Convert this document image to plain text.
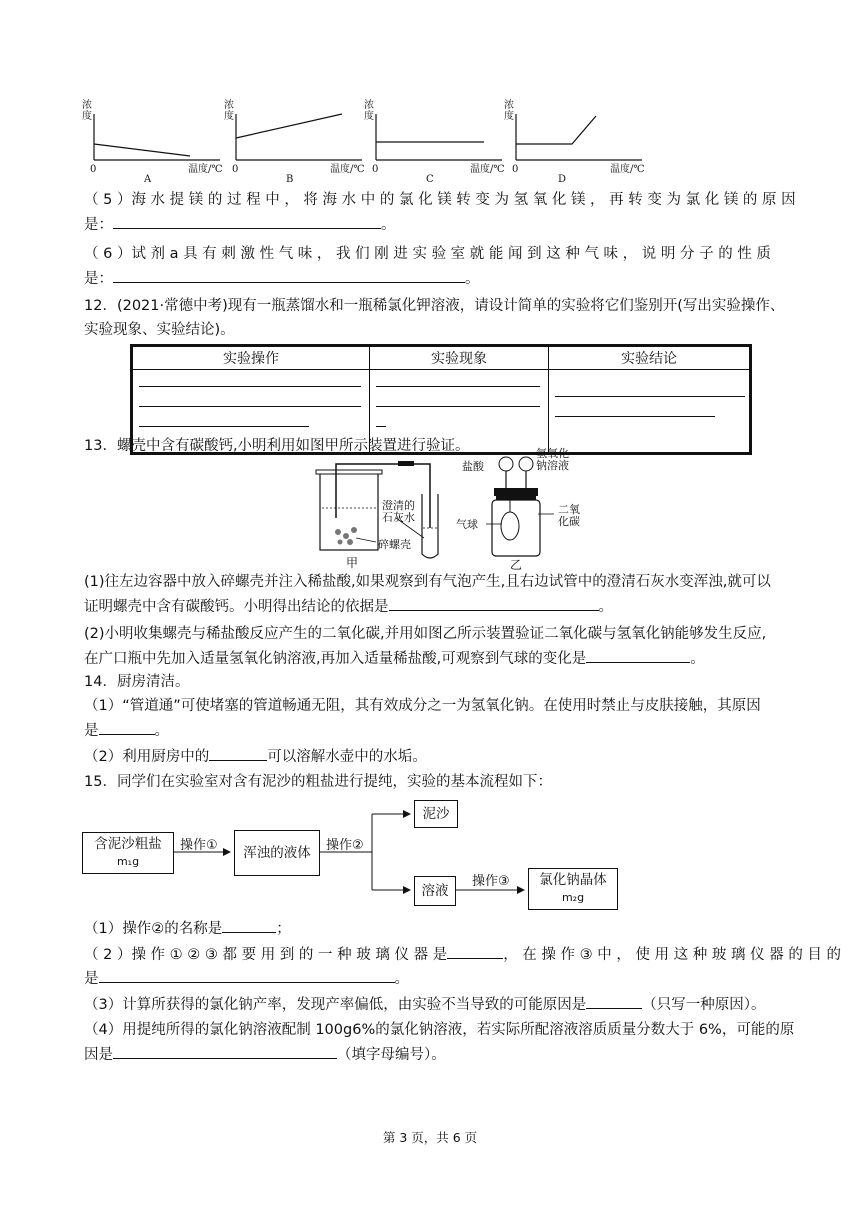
浓度
0	温度/℃
A
浓度
0	温度/℃
B
浓度
0	温度/℃
C
浓度
0	温度/℃
D
（ 5 ）海 水 提 镁 的 过 程 中 ， 将 海 水 中 的 氯 化 镁 转 变 为 氢 氧 化 镁 ， 再 转 变 为 氯 化 镁 的 原 因
是：	。
（ 6 ）试 剂 a 具 有 刺 激 性 气 味 ， 我 们 刚 进 实 验 室 就 能 闻 到 这 种 气 味 ， 说 明 分 子 的 性 质
是：	。
12．(2021·常德中考)现有一瓶蒸馏水和一瓶稀氯化钾溶液，请设计简单的实验将它们鉴别开(写出实验操作、
实验现象、实验结论)。
实验操作	实验现象	实验结论

13．螺壳中含有碳酸钙,小明利用如图甲所示装置进行验证。
澄清的
石灰水
碎螺壳
甲
盐酸
氢氧化
钠溶液
气球
二氧
化碳
乙
(1)往左边容器中放入碎螺壳并注入稀盐酸,如果观察到有气泡产生,且右边试管中的澄清石灰水变浑浊,就可以
证明螺壳中含有碳酸钙。小明得出结论的依据是	。
(2)小明收集螺壳与稀盐酸反应产生的二氧化碳,并用如图乙所示装置验证二氧化碳与氢氧化钠能够发生反应,
在广口瓶中先加入适量氢氧化钠溶液,再加入适量稀盐酸,可观察到气球的变化是	。
14．厨房清洁。
（1）“管道通”可使堵塞的管道畅通无阻，其有效成分之一为氢氧化钠。在使用时禁止与皮肤接触，其原因
是	。
（2）利用厨房中的	可以溶解水壶中的水垢。
15．同学们在实验室对含有泥沙的粗盐进行提纯，实验的基本流程如下：
含泥沙粗盐
m₁g
操作①	浑浊的液体	操作②
泥沙
溶液
操作③ 氯化钠晶体
m₂g
（1）操作②的名称是	；
（ 2 ）操 作 ① ② ③ 都 要 用 到 的 一 种 玻 璃 仪 器 是	， 在 操 作 ③ 中 ， 使 用 这 种 玻 璃 仪 器 的 目 的
是	。
（3）计算所获得的氯化钠产率，发现产率偏低，由实验不当导致的可能原因是	（只写一种原因）。
（4）用提纯所得的氯化钠溶液配制 100g6%的氯化钠溶液，若实际所配溶液溶质质量分数大于 6%，可能的原
因是	（填字母编号）。
第 3 页，共 6 页
